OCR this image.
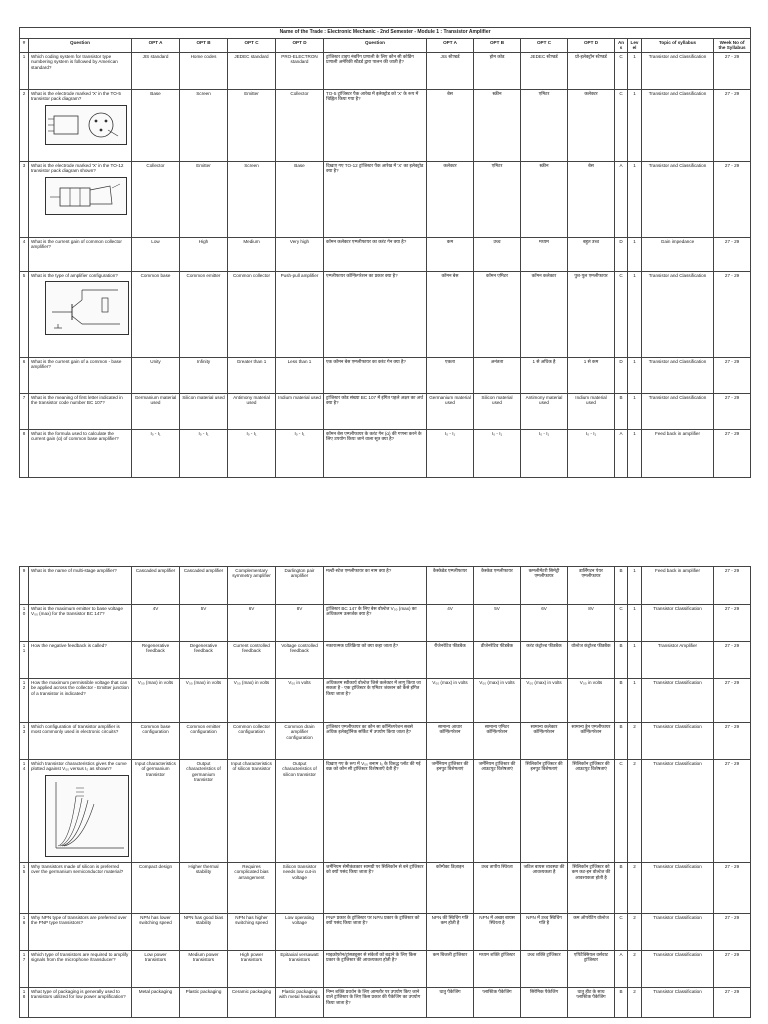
Name of the Trade : Electronic Mechanic - 2nd Semester - Module 1 : Transistor Amplifier														
#	Question	OPT A	OPT B	OPT C	OPT D	Question	OPT A	OPT B	OPT C	OPT D	Ans	Level	Topic of syllabus	Week No of the Syllabus
1	Which coding system for transistor type numbering system is followed by American standard?	JIS standard	Home codes	JEDEC standard	PRO-ELECTRON standard	ट्रांजिस्टर टाइप नंबरिंग प्रणाली के लिए कौन सी कोडिंग प्रणाली अमेरिकी स्टैंडर्ड द्वारा पालन की जाती है?	JIS स्टैण्डर्ड	होम कोड	JEDEC स्टैण्डर्ड	प्रो-इलेक्ट्रॉन स्टैण्डर्ड	C	1	Transistor and Classification	27 - 29
2	What is the electrode marked 'X' in the TO-5 transistor pack diagram?	Base	Screen	Emitter	Collector	TO-5 ट्रांजिस्टर पैक आरेख में इलेक्ट्रोड को 'X' के रूप में चिह्नित किया गया है?	बेस	स्क्रीन	एमिटर	कलेक्टर	C	1	Transistor and Classification	27 - 29
3	What is the electrode marked 'X' in the TO-12 transistor pack diagram shown?	Collector	Emitter	Screen	Base	दिखाए गए TO-12 ट्रांजिस्टर पैक आरेख में 'X' का इलेक्ट्रोड क्या है?	कलेक्टर	एमिटर	स्क्रीन	बेस	A	1	Transistor and Classification	27 - 29
4	What is the current gain of common collector amplifier?	Low	High	Medium	Very high	कॉमन कलेक्टर एम्प्लीफायर का करंट गेन क्या है?	कम	उच्च	मध्यम	बहुत उच्च	D	1	Gain impedance	27 - 29
5	What is the type of amplifier configuration?	Common base	Common emitter	Common collector	Push-pull amplifier	एम्प्लीफायर कॉन्फ़िगरेशन का प्रकार क्या है?	कॉमन बेस	कॉमन एमिटर	कॉमन कलेक्टर	पुश-पुल एम्प्लीफायर	C	1	Transistor and Classification	27 - 29
6	What is the current gain of a common - base amplifier?	Unity	Infinity	Greater than 1	Less than 1	एक कॉमन बेस एम्प्लीफायर का करंट गेन क्या है?	एकता	अनंतता	1 से अधिक है	1 से कम	D	1	Transistor and Classification	27 - 29
7	What is the meaning of first letter indicated in the transistor code number BC 107?	Germanium material used	Silicon material used	Antimony material used	Indium material used	ट्रांजिस्टर कोड संख्या BC 107 में इंगित पहले अक्षर का अर्थ क्या है?	Germanium material used	Silicon material used	Antimony material used	Indium material used	B	1	Transistor and Classification	27 - 29
8	What is the formula used to calculate the current gain (α) of common base amplifier?	I₀ - I₁	I₀ - I₁	I₀ - I₁	I₀ - I₁	कॉमन बेस एम्प्लीफायर के करंट गेन (α) की गणना करने के लिए उपयोग किया जाने वाला सूत्र क्या है?	I₀ - I₁	I₀ - I₁	I₀ - I₁	I₀ - I₁	A	1	Feed back in amplifier	27 - 29
9	What is the name of multi-stage amplifier?	Cascaded amplifier	Cascaded amplifier	Complementary symmetry amplifier	Darlington pair amplifier	मल्टी-स्टेज एम्प्लीफायर का नाम क्या है?	कैस्केडेड एम्प्लीफायर	कैस्केड एम्प्लीफायर	कम्प्लीमेंटरी सिमेट्री एम्प्लीफायर	डार्लिंगटन पेयर एम्प्लीफायर	B	1	Feed back in amplifier	27 - 29
10	What is the maximum emitter to base voltage V₀₀ (max) for the transistor BC 147?	4V	5V	6V	8V	ट्रांजिस्टर BC 147 के लिए बेस वोल्टेज V₀₀ (max) का अधिकतम उत्सर्जक क्या है?	4V	5V	6V	8V	C	1	Transistor Classification	27 - 29
11	How the negative feedback is called?	Regenerative feedback	Degenerative feedback	Current controlled feedback	Voltage controlled feedback	नकारात्मक प्रतिक्रिया को क्या कहा जाता है?	रीजेनरेटिव फीडबैक	डीजेनरेटिव फीडबैक	करंट कंट्रोल्ड फीडबैक	वोल्टेज कंट्रोल्ड फीडबैक	B	1	Transistor Amplifier	27 - 29
12	How the maximum permissible voltage that can be applied across the collector - Emitter junction of a transistor is indicated?	V₀₀ (max) in volts	V₀₀ (max) in volts	V₀₀ (max) in volts	V₀₀ in volts	अधिकतम स्वीकार्य वोल्टेज जिसे कलेक्टर में लागू किया जा सकता है - एक ट्रांजिस्टर के एमिटर जंक्शन को कैसे इंगित किया जाता है?	V₀₀ (max) in volts	V₀₀ (max) in volts	V₀₀ (max) in volts	V₀₀ in volts	B	1	Transistor Classification	27 - 29
13	Which configuration of transistor amplifier is most commonly used in electronic circuits?	Common base configuration	Common emitter configuration	Common collector configuration	Common drain amplifier configuration	ट्रांजिस्टर एम्प्लीफायर का कौन सा कॉन्फ़िगरेशन सबसे अधिक इलेक्ट्रॉनिक सर्किट में उपयोग किया जाता है?	सामान्य आधार कॉन्फ़िगरेशन	सामान्य एमिटर कॉन्फ़िगरेशन	सामान्य कलेक्टर कॉन्फ़िगरेशन	सामान्य ड्रेन एम्प्लीफायर कॉन्फ़िगरेशन	B	2	Transistor Classification	27 - 29
14	Which transistor characteristics gives the curve plotted against V₀₀ versus I₀ as shown?	Input characteristics of germanium transistor	Output characteristics of germanium transistor	Input characteristics of silicon transistor	Output characteristics of silicon transistor	दिखाए गए के रूप में V₀₀ बनाम I₀ के विरुद्ध प्लॉट की गई वक्र को कौन सी ट्रांजिस्टर विशेषताएँ देती हैं?	जर्मेनियम ट्रांजिस्टर की इनपुट विशेषताएं	जर्मेनियम ट्रांजिस्टर की आउटपुट विशेषताएं	सिलिकॉन ट्रांजिस्टर की इनपुट विशेषताएं	सिलिकॉन ट्रांजिस्टर की आउटपुट विशेषताएं	C	2	Transistor Classification	27 - 29
15	Why transistors made of silicon is preferred over the germanium semiconductor material?	Compact design	Higher thermal stability	Requires complicated bias arrangement	Silicon transistor needs low cut-in voltage	जर्मेनियम सेमीकंडक्टर सामग्री पर सिलिकॉन से बने ट्रांजिस्टर को क्यों पसंद किया जाता है?	कॉम्पैक्ट डिज़ाइन	उच्च तापीय स्थिरता	जटिल बायस व्यवस्था की आवश्यकता है	सिलिकॉन ट्रांजिस्टर को कम कट-इन वोल्टेज की आवश्यकता होती है	B	2	Transistor Classification	27 - 29
16	Why NPN type of transistors are preferred over the PNP type transistors?	NPN has lower switching speed	NPN has good bias stability	NPN has higher switching speed	Low operating voltage	PNP प्रकार के ट्रांजिस्टर पर NPN प्रकार के ट्रांजिस्टर को क्यों पसंद किया जाता है?	NPN की स्विचिंग गति कम होती है	NPN में अच्छा बायस स्थिरता है	NPN में उच्च स्विचिंग गति है	कम ऑपरेटिंग वोल्टेज	C	2	Transistor Classification	27 - 29
17	Which type of transistors are required to amplify signals from the microphone /transducer?	Low power transistors	Medium power transistors	High power transistors	Epitaxial versawatt transistors	माइक्रोफ़ोन/ट्रांसड्यूसर से संकेतों को बढ़ाने के लिए किस प्रकार के ट्रांजिस्टर की आवश्यकता होती है?	कम बिजली ट्रांजिस्टर	मध्यम शक्ति ट्रांजिस्टर	उच्च शक्ति ट्रांजिस्टर	एपिटैक्सियल वर्सवाट ट्रांजिस्टर	A	2	Transistor Classification	27 - 29
18	What type of packaging is generally used to transistors utilized for low power amplification?	Metal packaging	Plastic packaging	Ceramic packaging	Plastic packaging with metal heatsinks	निम्न शक्ति प्रवर्धन के लिए आमतौर पर उपयोग किए जाने वाले ट्रांजिस्टर के लिए किस प्रकार की पैकेजिंग का उपयोग किया जाता है?	धातु पैकेजिंग	प्लास्टिक पैकेजिंग	सिरेमिक पैकेजिंग	धातु हीट के साथ प्लास्टिक पैकेजिंग	B	2	Transistor Classification	27 - 29
